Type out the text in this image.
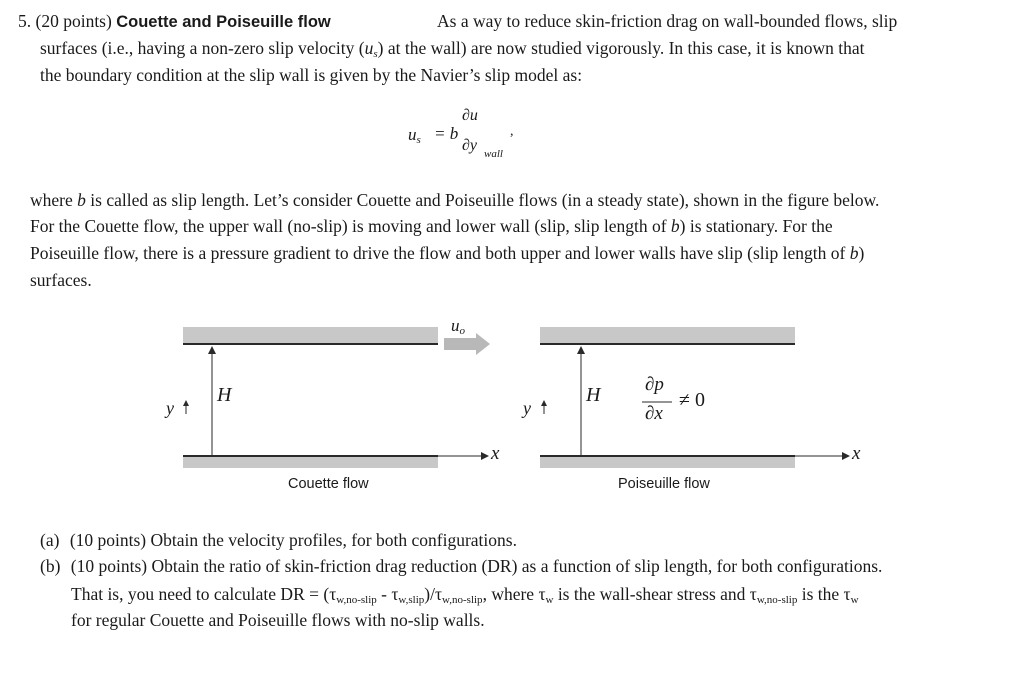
5. (20 points) Couette and Poiseuille flow	As a way to reduce skin-friction drag on wall-bounded flows, slip
surfaces (i.e., having a non-zero slip velocity $(u_s)$ at the wall) are now studied vigorously. In this case, it is known that
the boundary condition at the slip wall is given by the Navier’s slip model as:
$u_s = b$
∂u
∂y wall
,
where b is called as slip length. Let’s consider Couette and Poiseuille flows (in a steady state), shown in the figure below.
For the Couette flow, the upper wall (no-slip) is moving and lower wall (slip, slip length of b) is stationary. For the
Poiseuille flow, there is a pressure gradient to drive the flow and both upper and lower walls have slip (slip length of b)
surfaces.
$u_o$
y
H
x
Couette flow
y
H ∂p
∂x
≠ 0
x
Poiseuille flow
(a) (10 points) Obtain the velocity profiles, for both configurations.
(b) (10 points) Obtain the ratio of skin-friction drag reduction (DR) as a function of slip length, for both configurations.
That is, you need to calculate DR = $(\tau_{w,no-slip} - \tau_{w,slip})/\tau_{w,no-slip}$, where $\tau_w$ is the wall-shear stress and $\tau_{w,no-slip}$ is the $\tau_w$
for regular Couette and Poiseuille flows with no-slip walls.
